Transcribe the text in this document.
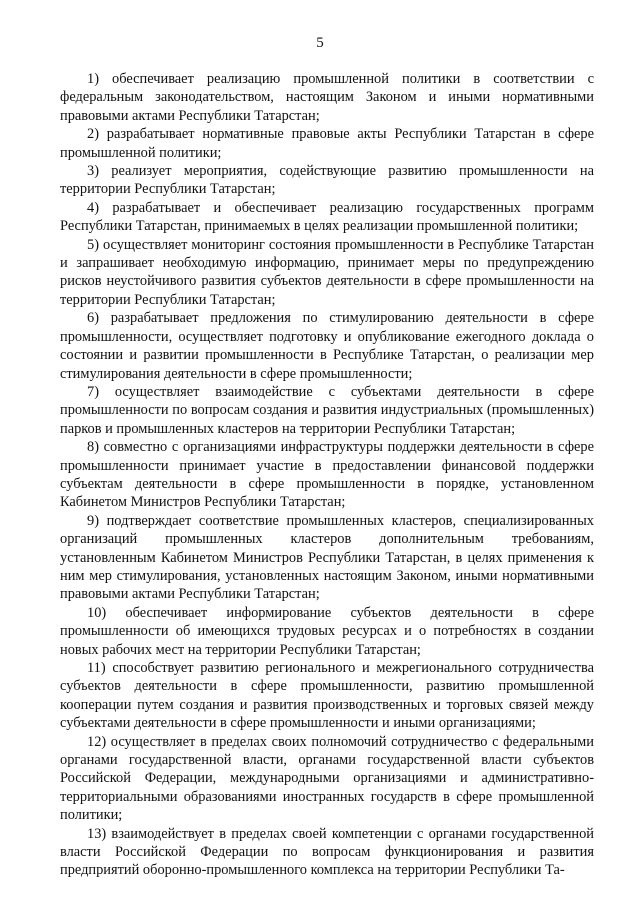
5

1) обеспечивает реализацию промышленной политики в соответствии с федеральным законодательством, настоящим Законом и иными нормативными правовыми актами Республики Татарстан;

2) разрабатывает нормативные правовые акты Республики Татарстан в сфере промышленной политики;

3) реализует мероприятия, содействующие развитию промышленности на территории Республики Татарстан;

4) разрабатывает и обеспечивает реализацию государственных программ Республики Татарстан, принимаемых в целях реализации промышленной политики;

5) осуществляет мониторинг состояния промышленности в Республике Татарстан и запрашивает необходимую информацию, принимает меры по предупреждению рисков неустойчивого развития субъектов деятельности в сфере промышленности на территории Республики Татарстан;

6) разрабатывает предложения по стимулированию деятельности в сфере промышленности, осуществляет подготовку и опубликование ежегодного доклада о состоянии и развитии промышленности в Республике Татарстан, о реализации мер стимулирования деятельности в сфере промышленности;

7) осуществляет взаимодействие с субъектами деятельности в сфере промышленности по вопросам создания и развития индустриальных (промышленных) парков и промышленных кластеров на территории Республики Татарстан;

8) совместно с организациями инфраструктуры поддержки деятельности в сфере промышленности принимает участие в предоставлении финансовой поддержки субъектам деятельности в сфере промышленности в порядке, установленном Кабинетом Министров Республики Татарстан;

9) подтверждает соответствие промышленных кластеров, специализированных организаций промышленных кластеров дополнительным требованиям, установленным Кабинетом Министров Республики Татарстан, в целях применения к ним мер стимулирования, установленных настоящим Законом, иными нормативными правовыми актами Республики Татарстан;

10) обеспечивает информирование субъектов деятельности в сфере промышленности об имеющихся трудовых ресурсах и о потребностях в создании новых рабочих мест на территории Республики Татарстан;

11) способствует развитию регионального и межрегионального сотрудничества субъектов деятельности в сфере промышленности, развитию промышленной кооперации путем создания и развития производственных и торговых связей между субъектами деятельности в сфере промышленности и иными организациями;

12) осуществляет в пределах своих полномочий сотрудничество с федеральными органами государственной власти, органами государственной власти субъектов Российской Федерации, международными организациями и административно-территориальными образованиями иностранных государств в сфере промышленной политики;

13) взаимодействует в пределах своей компетенции с органами государственной власти Российской Федерации по вопросам функционирования и развития предприятий оборонно-промышленного комплекса на территории Республики Та-
